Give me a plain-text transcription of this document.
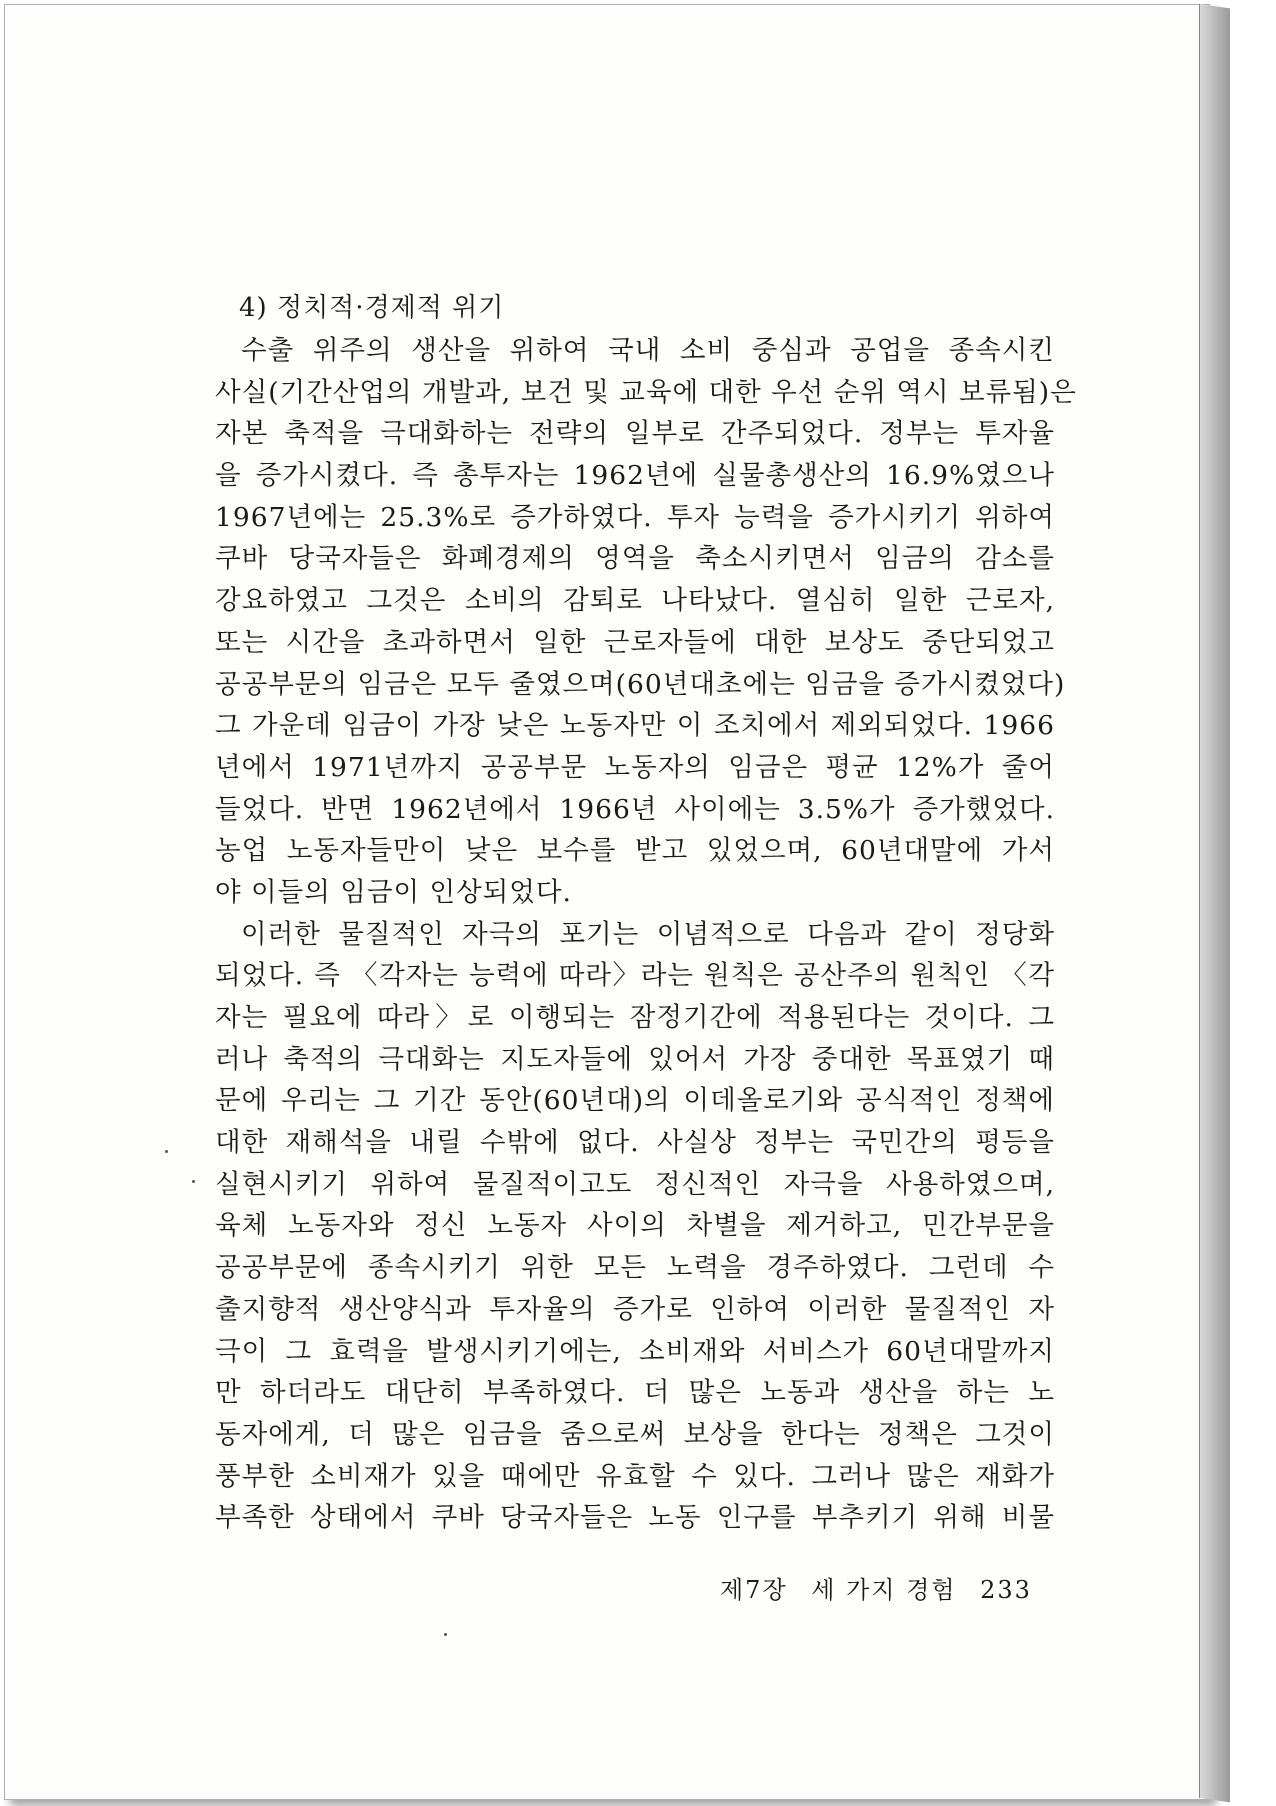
4) 정치적·경제적 위기
수출 위주의 생산을 위하여 국내 소비 중심과 공업을 종속시킨
사실(기간산업의 개발과, 보건 및 교육에 대한 우선 순위 역시 보류됨)은
자본 축적을 극대화하는 전략의 일부로 간주되었다. 정부는 투자율
을 증가시켰다. 즉 총투자는 1962년에 실물총생산의 16.9%였으나
1967년에는 25.3%로 증가하였다. 투자 능력을 증가시키기 위하여
쿠바 당국자들은 화폐경제의 영역을 축소시키면서 임금의 감소를
강요하였고 그것은 소비의 감퇴로 나타났다. 열심히 일한 근로자,
또는 시간을 초과하면서 일한 근로자들에 대한 보상도 중단되었고
공공부문의 임금은 모두 줄였으며(60년대초에는 임금을 증가시켰었다)
그 가운데 임금이 가장 낮은 노동자만 이 조치에서 제외되었다. 1966
년에서 1971년까지 공공부문 노동자의 임금은 평균 12%가 줄어
들었다. 반면 1962년에서 1966년 사이에는 3.5%가 증가했었다.
농업 노동자들만이 낮은 보수를 받고 있었으며, 60년대말에 가서
야 이들의 임금이 인상되었다.
이러한 물질적인 자극의 포기는 이념적으로 다음과 같이 정당화
되었다. 즉 〈각자는 능력에 따라〉라는 원칙은 공산주의 원칙인 〈각
자는 필요에 따라〉로 이행되는 잠정기간에 적용된다는 것이다. 그
러나 축적의 극대화는 지도자들에 있어서 가장 중대한 목표였기 때
문에 우리는 그 기간 동안(60년대)의 이데올로기와 공식적인 정책에
대한 재해석을 내릴 수밖에 없다. 사실상 정부는 국민간의 평등을
실현시키기 위하여 물질적이고도 정신적인 자극을 사용하였으며,
육체 노동자와 정신 노동자 사이의 차별을 제거하고, 민간부문을
공공부문에 종속시키기 위한 모든 노력을 경주하였다. 그런데 수
출지향적 생산양식과 투자율의 증가로 인하여 이러한 물질적인 자
극이 그 효력을 발생시키기에는, 소비재와 서비스가 60년대말까지
만 하더라도 대단히 부족하였다. 더 많은 노동과 생산을 하는 노
동자에게, 더 많은 임금을 줌으로써 보상을 한다는 정책은 그것이
풍부한 소비재가 있을 때에만 유효할 수 있다. 그러나 많은 재화가
부족한 상태에서 쿠바 당국자들은 노동 인구를 부추키기 위해 비물
제7장 세 가지 경험 233
